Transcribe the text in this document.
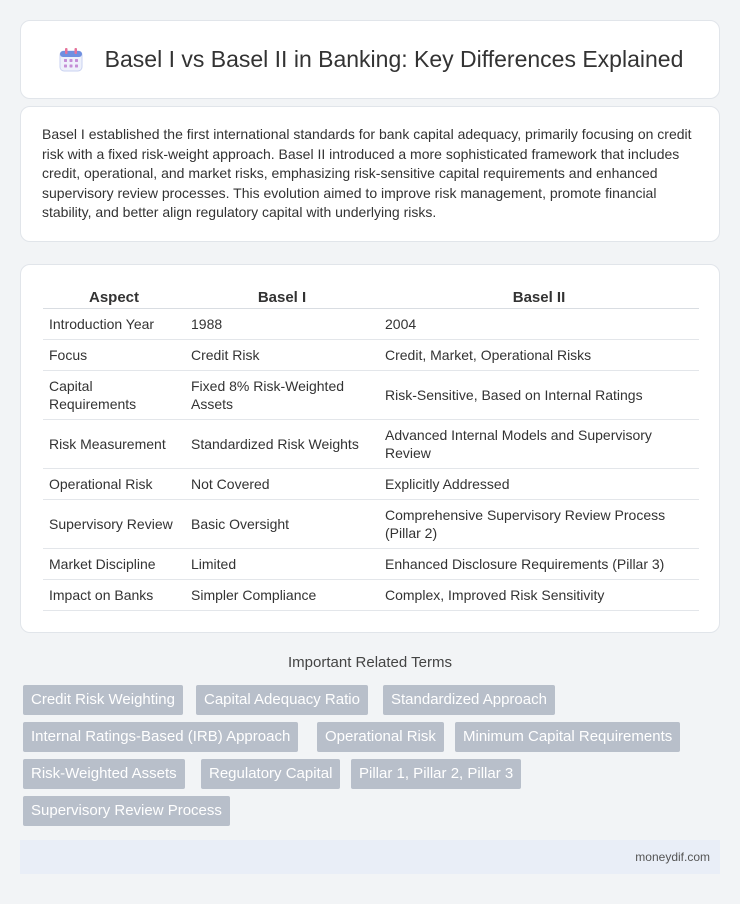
Basel I vs Basel II in Banking: Key Differences Explained

Basel I established the first international standards for bank capital adequacy, primarily focusing on credit risk with a fixed risk-weight approach. Basel II introduced a more sophisticated framework that includes credit, operational, and market risks, emphasizing risk-sensitive capital requirements and enhanced supervisory review processes. This evolution aimed to improve risk management, promote financial stability, and better align regulatory capital with underlying risks.

Aspect	Basel I	Basel II
Introduction Year	1988	2004
Focus	Credit Risk	Credit, Market, Operational Risks
Capital Requirements	Fixed 8% Risk-Weighted Assets	Risk-Sensitive, Based on Internal Ratings
Risk Measurement	Standardized Risk Weights	Advanced Internal Models and Supervisory Review
Operational Risk	Not Covered	Explicitly Addressed
Supervisory Review	Basic Oversight	Comprehensive Supervisory Review Process (Pillar 2)
Market Discipline	Limited	Enhanced Disclosure Requirements (Pillar 3)
Impact on Banks	Simpler Compliance	Complex, Improved Risk Sensitivity
Important Related Terms
Credit Risk Weighting	Capital Adequacy Ratio	Standardized Approach
Internal Ratings-Based (IRB) Approach	Operational Risk	Minimum Capital Requirements
Risk-Weighted Assets	Regulatory Capital	Pillar 1, Pillar 2, Pillar 3
Supervisory Review Process
moneydif.com
